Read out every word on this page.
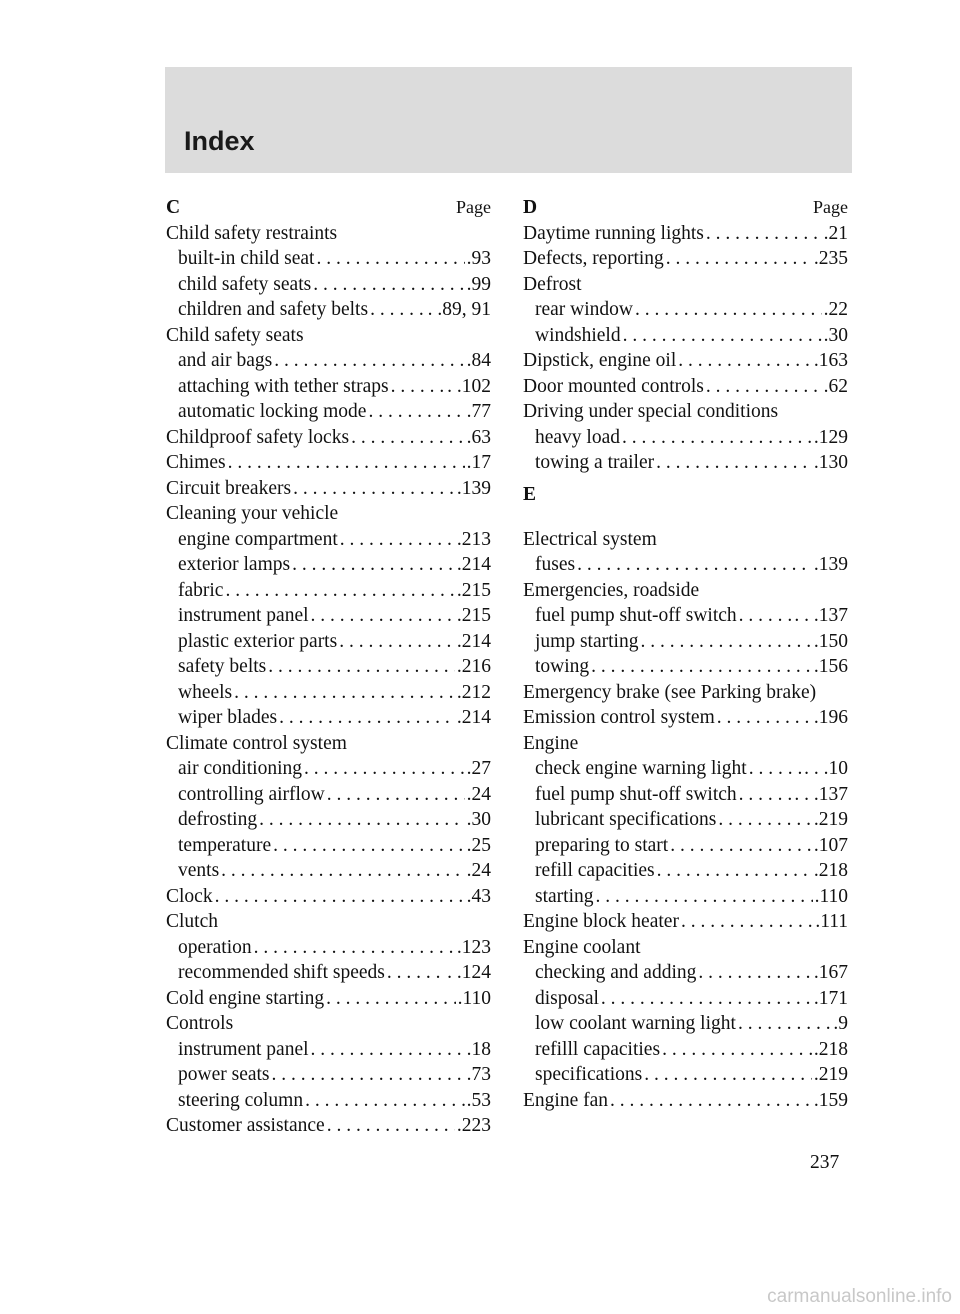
Index
C	Page
Child safety restraints
built-in child seat . . .	.93
child safety seats . . .	.99
children and safety belts . . .	. .89, 91
Child safety seats
and air bags . . .	.84
attaching with tether straps . . .	. .102
automatic locking mode . . .	.77
Childproof safety locks . . .	.63
Chimes . . .	.17
Circuit breakers . . .	.139
Cleaning your vehicle
engine compartment . . .	.213
exterior lamps . . .	.214
fabric . . .	.215
instrument panel . . .	.215
plastic exterior parts . . .	.214
safety belts . . .	.216
wheels . . .	.212
wiper blades . . .	.214
Climate control system
air conditioning . . .	.27
controlling airflow . . .	.24
defrosting . . .	.30
temperature . . .	.25
vents . . .	.24
Clock . . .	.43
Clutch
operation . . .	.123
recommended shift speeds . . .	. .124
Cold engine starting . . .	.110
Controls
instrument panel . . .	.18
power seats . . .	.73
steering column . . .	.53
Customer assistance . . .	.223
D	Page
Daytime running lights . . .	.21
Defects, reporting . . .	.235
Defrost
rear window . . .	.22
windshield . . .	.30
Dipstick, engine oil . . .	.163
Door mounted controls . . .	.62
Driving under special conditions
heavy load . . .	.129
towing a trailer . . .	.130
E
Electrical system
fuses . . .	.139
Emergencies, roadside
fuel pump shut-off switch . . .	. . .137
jump starting . . .	.150
towing . . .	.156
Emergency brake (see Parking brake)
Emission control system . . .	.196
Engine
check engine warning light . . .	. . .10
fuel pump shut-off switch . . .	. . .137
lubricant specifications . . .	.219
preparing to start . . .	.107
refill capacities . . .	.218
starting . . .	.110
Engine block heater . . .	.111
Engine coolant
checking and adding . . .	.167
disposal . . .	.171
low coolant warning light . . .	.9
refilll capacities . . .	.218
specifications . . .	.219
Engine fan . . .	.159
237
carmanualsonline.info
